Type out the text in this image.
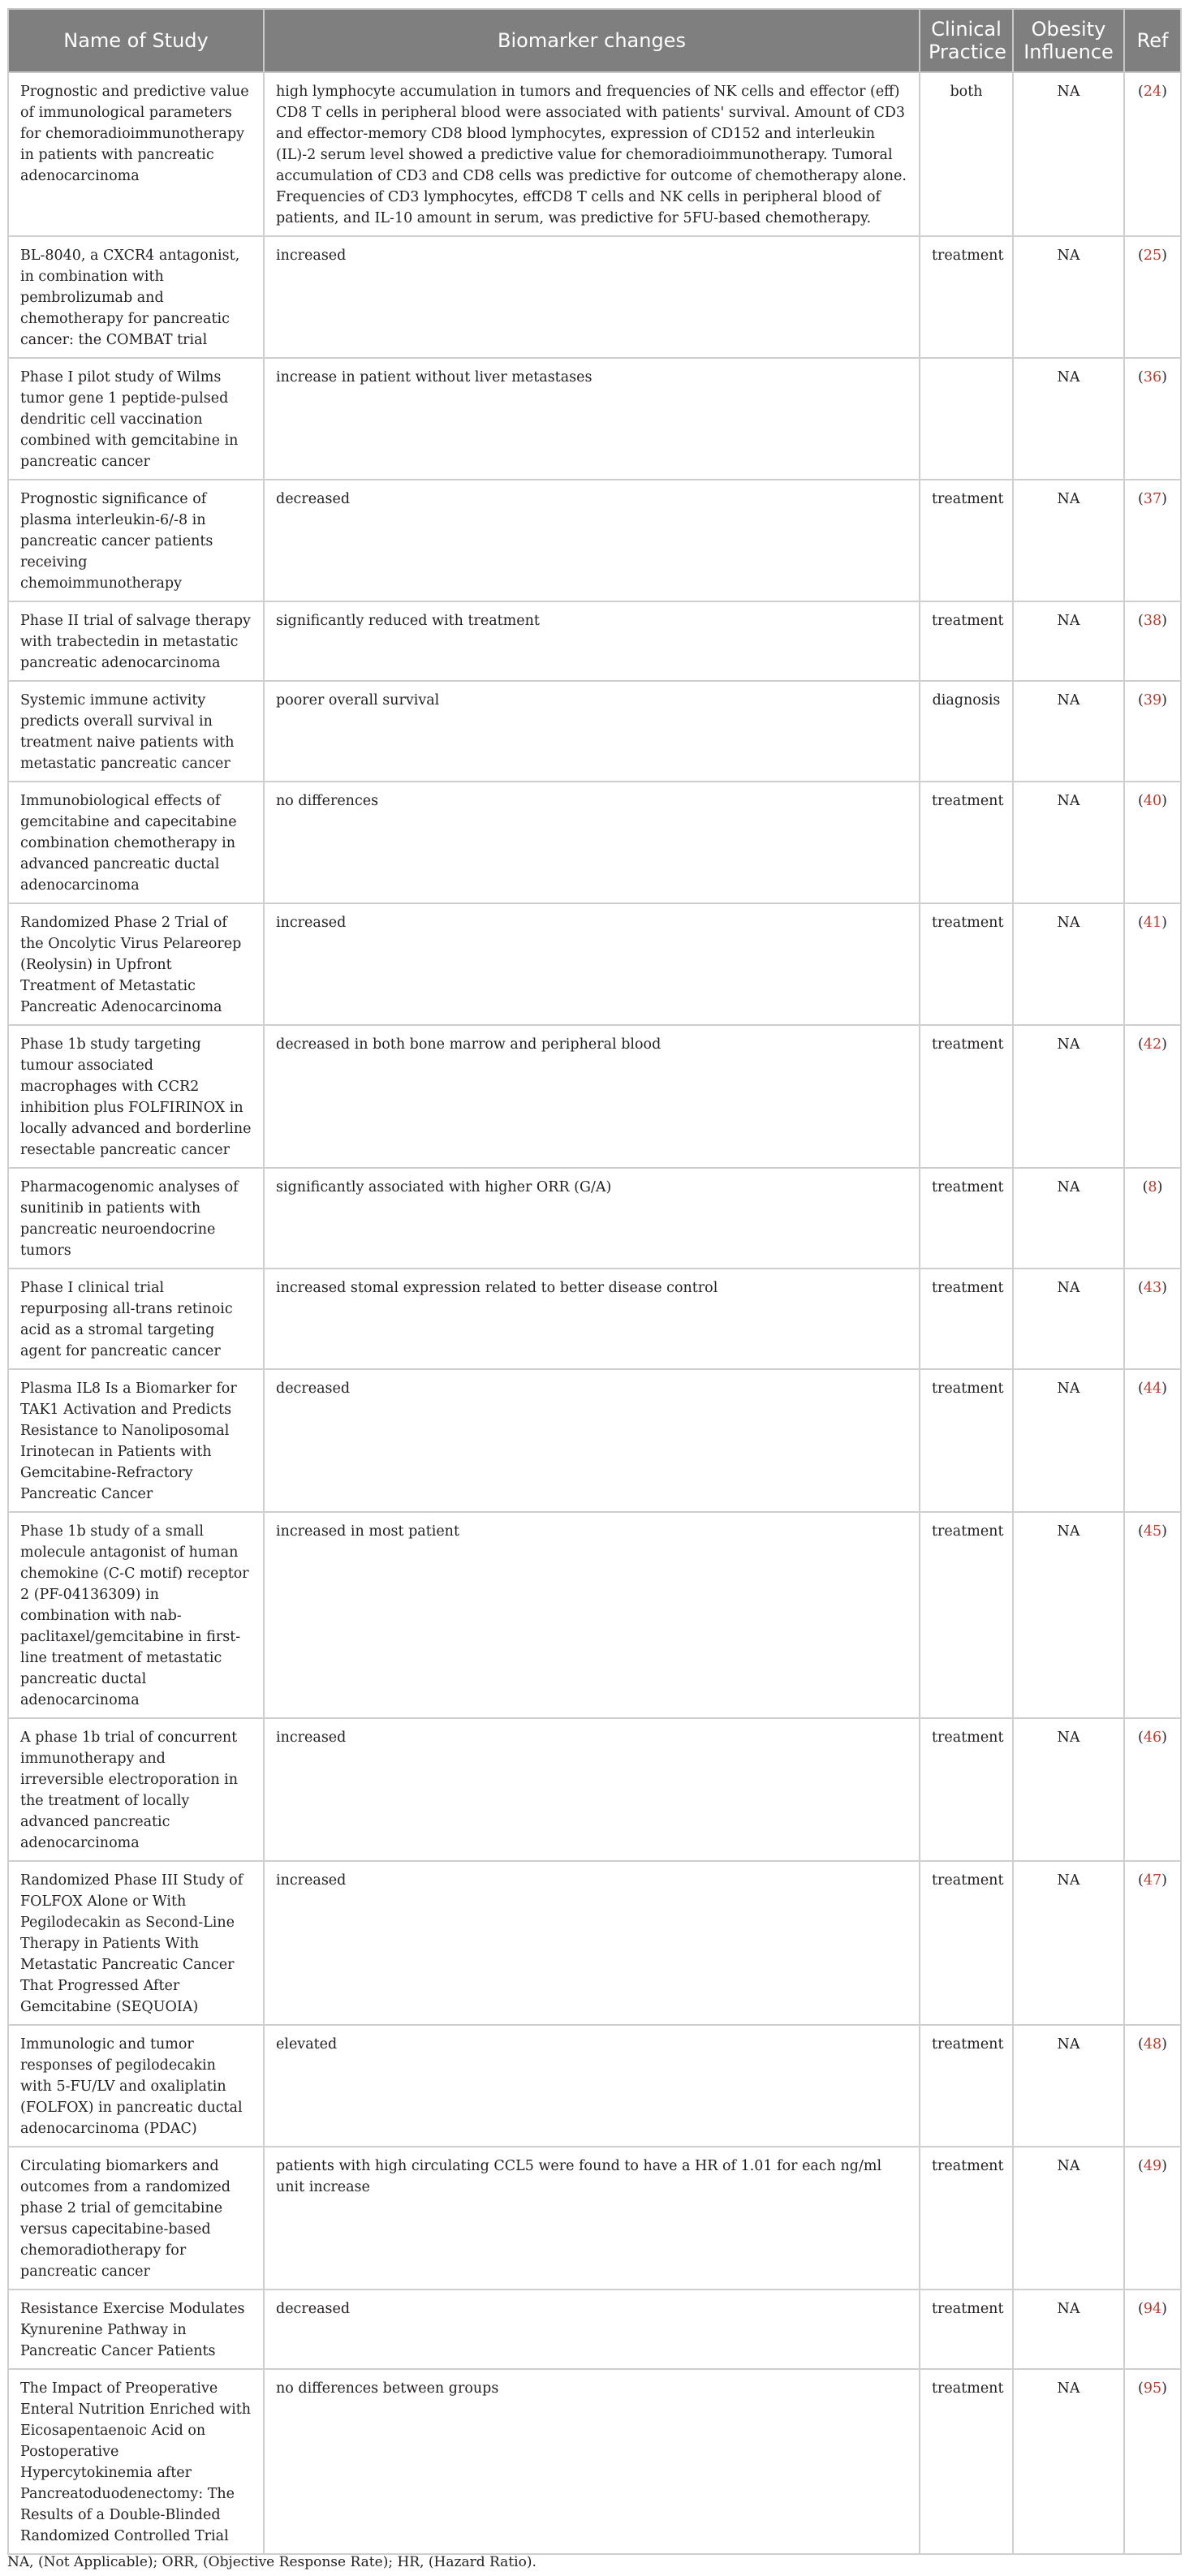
Name of Study	Biomarker changes	Clinical Practice	Obesity Influence	Ref
Prognostic and predictive value of immunological parameters for chemoradioimmunotherapy in patients with pancreatic adenocarcinoma	high lymphocyte accumulation in tumors and frequencies of NK cells and effector (eff) CD8 T cells in peripheral blood were associated with patients' survival. Amount of CD3 and effector-memory CD8 blood lymphocytes, expression of CD152 and interleukin (IL)-2 serum level showed a predictive value for chemoradioimmunotherapy. Tumoral accumulation of CD3 and CD8 cells was predictive for outcome of chemotherapy alone. Frequencies of CD3 lymphocytes, effCD8 T cells and NK cells in peripheral blood of patients, and IL-10 amount in serum, was predictive for 5FU-based chemotherapy.	both	NA	(24)
BL-8040, a CXCR4 antagonist, in combination with pembrolizumab and chemotherapy for pancreatic cancer: the COMBAT trial	increased	treatment	NA	(25)
Phase I pilot study of Wilms tumor gene 1 peptide-pulsed dendritic cell vaccination combined with gemcitabine in pancreatic cancer	increase in patient without liver metastases		NA	(36)
Prognostic significance of plasma interleukin-6/-8 in pancreatic cancer patients receiving chemoimmunotherapy	decreased	treatment	NA	(37)
Phase II trial of salvage therapy with trabectedin in metastatic pancreatic adenocarcinoma	significantly reduced with treatment	treatment	NA	(38)
Systemic immune activity predicts overall survival in treatment naive patients with metastatic pancreatic cancer	poorer overall survival	diagnosis	NA	(39)
Immunobiological effects of gemcitabine and capecitabine combination chemotherapy in advanced pancreatic ductal adenocarcinoma	no differences	treatment	NA	(40)
Randomized Phase 2 Trial of the Oncolytic Virus Pelareorep (Reolysin) in Upfront Treatment of Metastatic Pancreatic Adenocarcinoma	increased	treatment	NA	(41)
Phase 1b study targeting tumour associated macrophages with CCR2 inhibition plus FOLFIRINOX in locally advanced and borderline resectable pancreatic cancer	decreased in both bone marrow and peripheral blood	treatment	NA	(42)
Pharmacogenomic analyses of sunitinib in patients with pancreatic neuroendocrine tumors	significantly associated with higher ORR (G/A)	treatment	NA	(8)
Phase I clinical trial repurposing all-trans retinoic acid as a stromal targeting agent for pancreatic cancer	increased stomal expression related to better disease control	treatment	NA	(43)
Plasma IL8 Is a Biomarker for TAK1 Activation and Predicts Resistance to Nanoliposomal Irinotecan in Patients with Gemcitabine-Refractory Pancreatic Cancer	decreased	treatment	NA	(44)
Phase 1b study of a small molecule antagonist of human chemokine (C-C motif) receptor 2 (PF-04136309) in combination with nab-paclitaxel/gemcitabine in first-line treatment of metastatic pancreatic ductal adenocarcinoma	increased in most patient	treatment	NA	(45)
A phase 1b trial of concurrent immunotherapy and irreversible electroporation in the treatment of locally advanced pancreatic adenocarcinoma	increased	treatment	NA	(46)
Randomized Phase III Study of FOLFOX Alone or With Pegilodecakin as Second-Line Therapy in Patients With Metastatic Pancreatic Cancer That Progressed After Gemcitabine (SEQUOIA)	increased	treatment	NA	(47)
Immunologic and tumor responses of pegilodecakin with 5-FU/LV and oxaliplatin (FOLFOX) in pancreatic ductal adenocarcinoma (PDAC)	elevated	treatment	NA	(48)
Circulating biomarkers and outcomes from a randomized phase 2 trial of gemcitabine versus capecitabine-based chemoradiotherapy for pancreatic cancer	patients with high circulating CCL5 were found to have a HR of 1.01 for each ng/ml unit increase	treatment	NA	(49)
Resistance Exercise Modulates Kynurenine Pathway in Pancreatic Cancer Patients	decreased	treatment	NA	(94)
The Impact of Preoperative Enteral Nutrition Enriched with Eicosapentaenoic Acid on Postoperative Hypercytokinemia after Pancreatoduodenectomy: The Results of a Double-Blinded Randomized Controlled Trial	no differences between groups	treatment	NA	(95)
NA, (Not Applicable); ORR, (Objective Response Rate); HR, (Hazard Ratio).
